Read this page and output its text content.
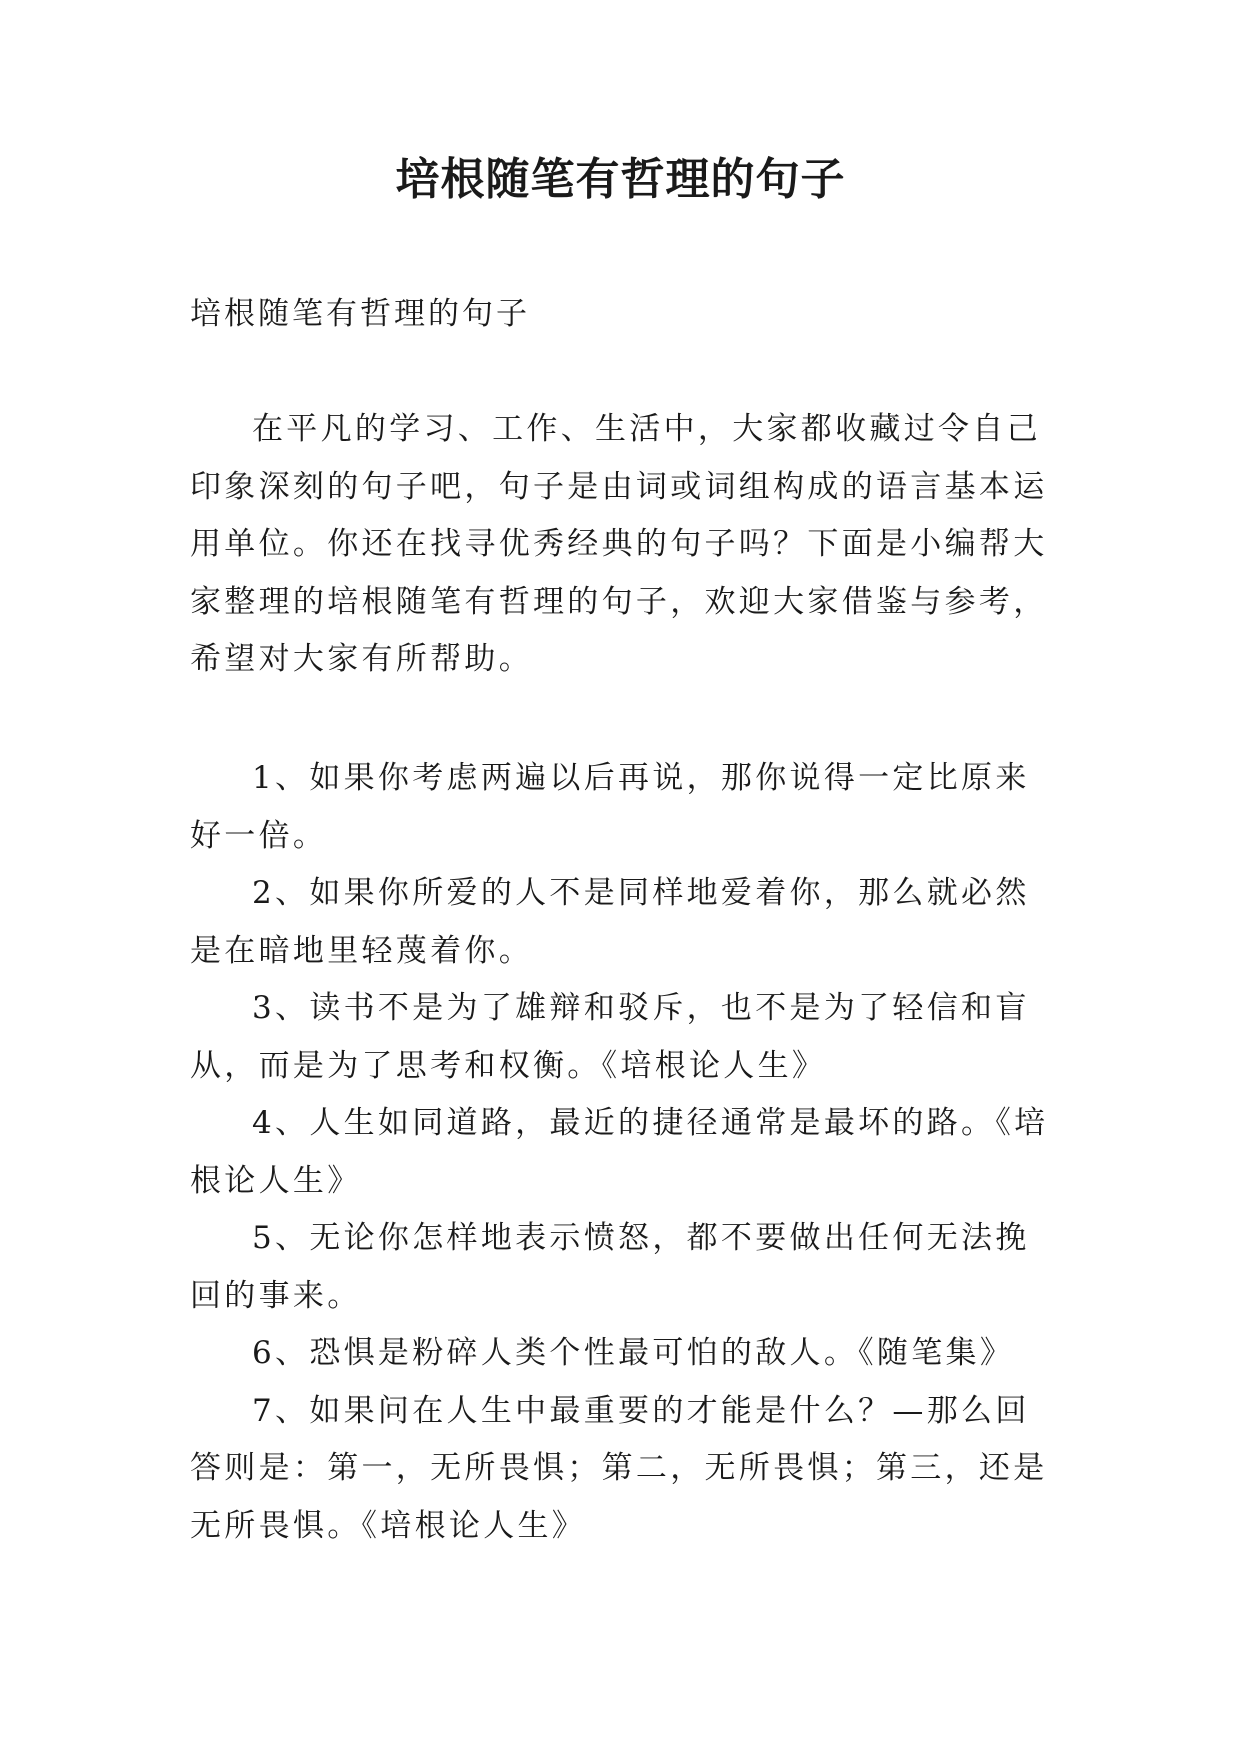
培根随笔有哲理的句子

培根随笔有哲理的句子

在平凡的学习、工作、生活中，大家都收藏过令自己印象深刻的句子吧，句子是由词或词组构成的语言基本运用单位。你还在找寻优秀经典的句子吗？下面是小编帮大家整理的培根随笔有哲理的句子，欢迎大家借鉴与参考，希望对大家有所帮助。

1、如果你考虑两遍以后再说，那你说得一定比原来好一倍。
2、如果你所爱的人不是同样地爱着你，那么就必然是在暗地里轻蔑着你。
3、读书不是为了雄辩和驳斥，也不是为了轻信和盲从，而是为了思考和权衡。《培根论人生》
4、人生如同道路，最近的捷径通常是最坏的路。《培根论人生》
5、无论你怎样地表示愤怒，都不要做出任何无法挽回的事来。
6、恐惧是粉碎人类个性最可怕的敌人。《随笔集》
7、如果问在人生中最重要的才能是什么？—那么回答则是：第一，无所畏惧；第二，无所畏惧；第三，还是无所畏惧。《培根论人生》
